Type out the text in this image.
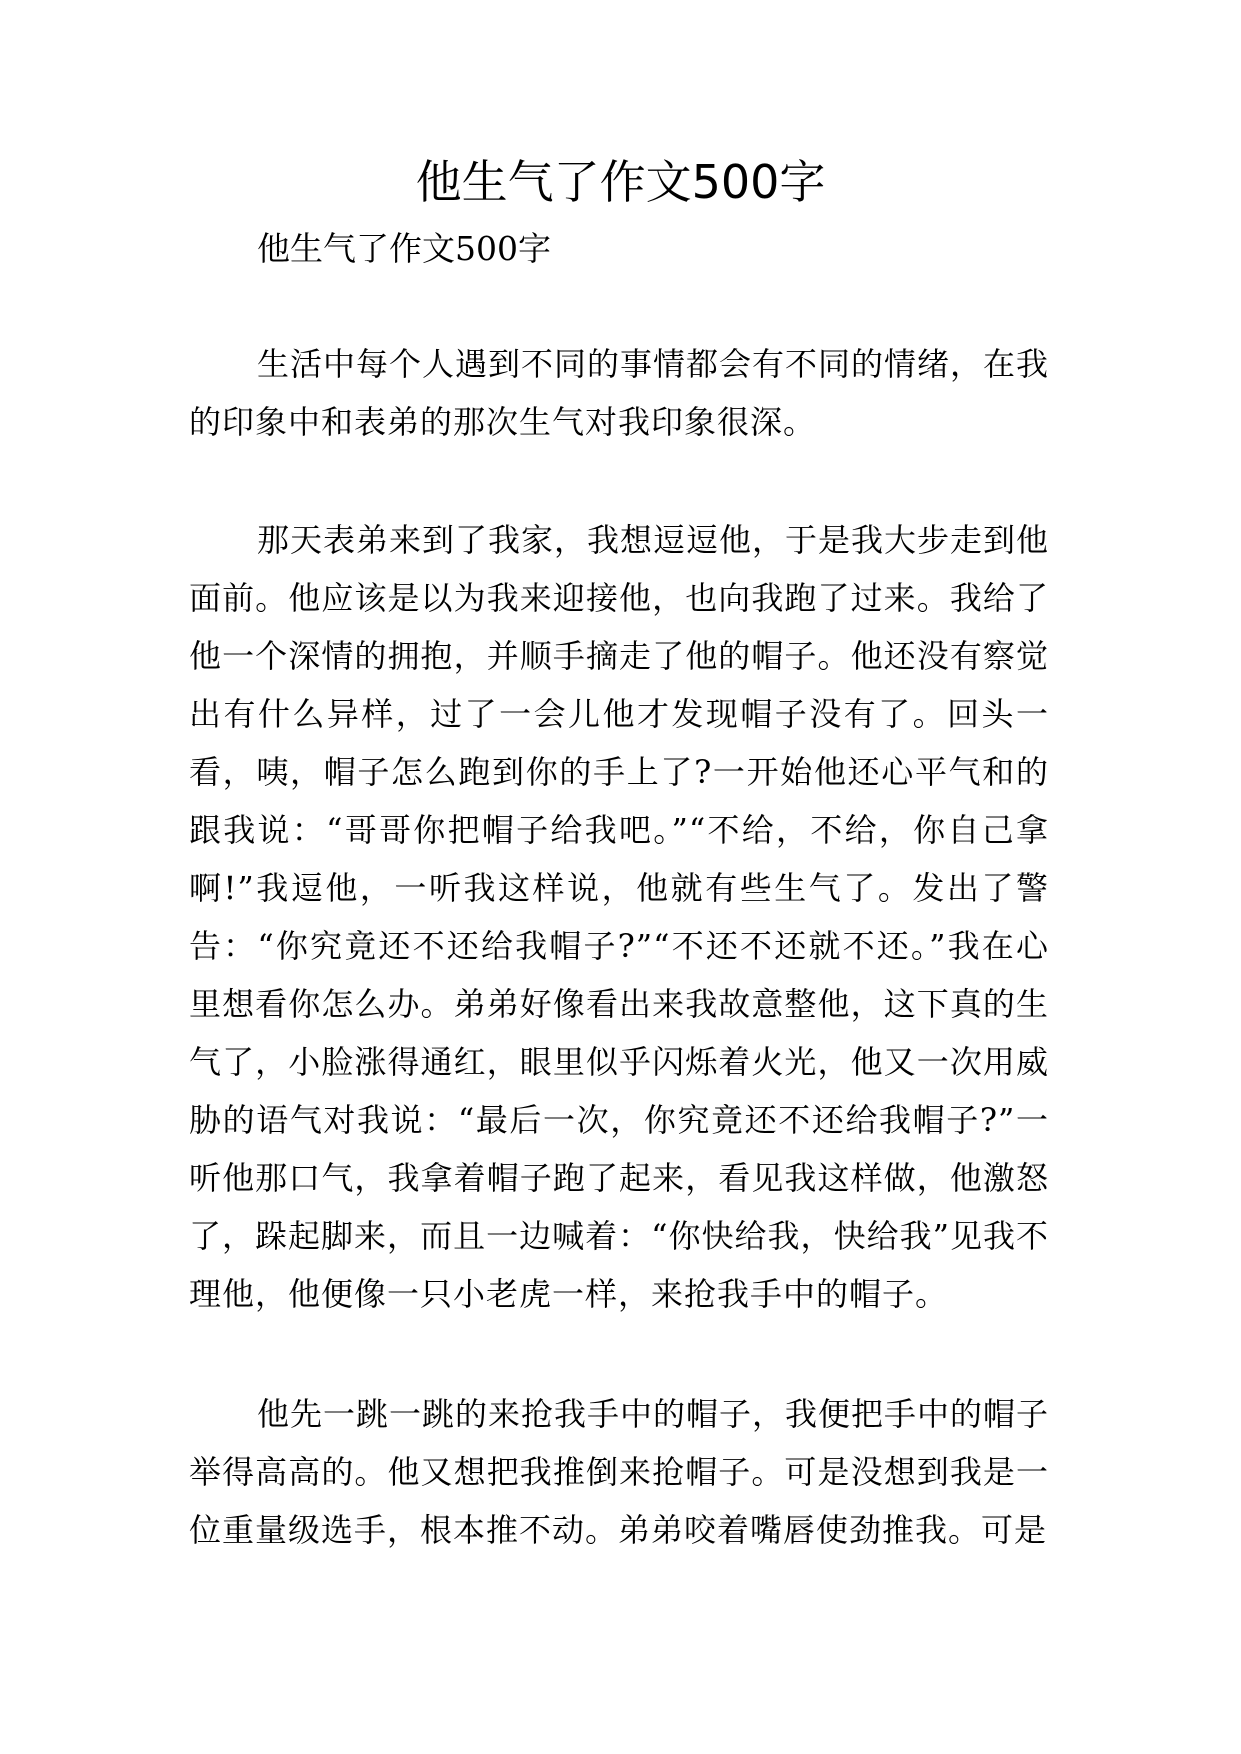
他生气了作文500字
他生气了作文500字

生活中每个人遇到不同的事情都会有不同的情绪，在我的印象中和表弟的那次生气对我印象很深。

那天表弟来到了我家，我想逗逗他，于是我大步走到他面前。他应该是以为我来迎接他，也向我跑了过来。我给了他一个深情的拥抱，并顺手摘走了他的帽子。他还没有察觉出有什么异样，过了一会儿他才发现帽子没有了。回头一看，咦，帽子怎么跑到你的手上了?一开始他还心平气和的跟我说：“哥哥你把帽子给我吧。”“不给，不给，你自己拿啊!”我逗他，一听我这样说，他就有些生气了。发出了警告：“你究竟还不还给我帽子?”“不还不还就不还。”我在心里想看你怎么办。弟弟好像看出来我故意整他，这下真的生气了，小脸涨得通红，眼里似乎闪烁着火光，他又一次用威胁的语气对我说：“最后一次，你究竟还不还给我帽子?”一听他那口气，我拿着帽子跑了起来，看见我这样做，他激怒了，跺起脚来，而且一边喊着：“你快给我，快给我”见我不理他，他便像一只小老虎一样，来抢我手中的帽子。

他先一跳一跳的来抢我手中的帽子，我便把手中的帽子举得高高的。他又想把我推倒来抢帽子。可是没想到我是一位重量级选手，根本推不动。弟弟咬着嘴唇使劲推我。可是
